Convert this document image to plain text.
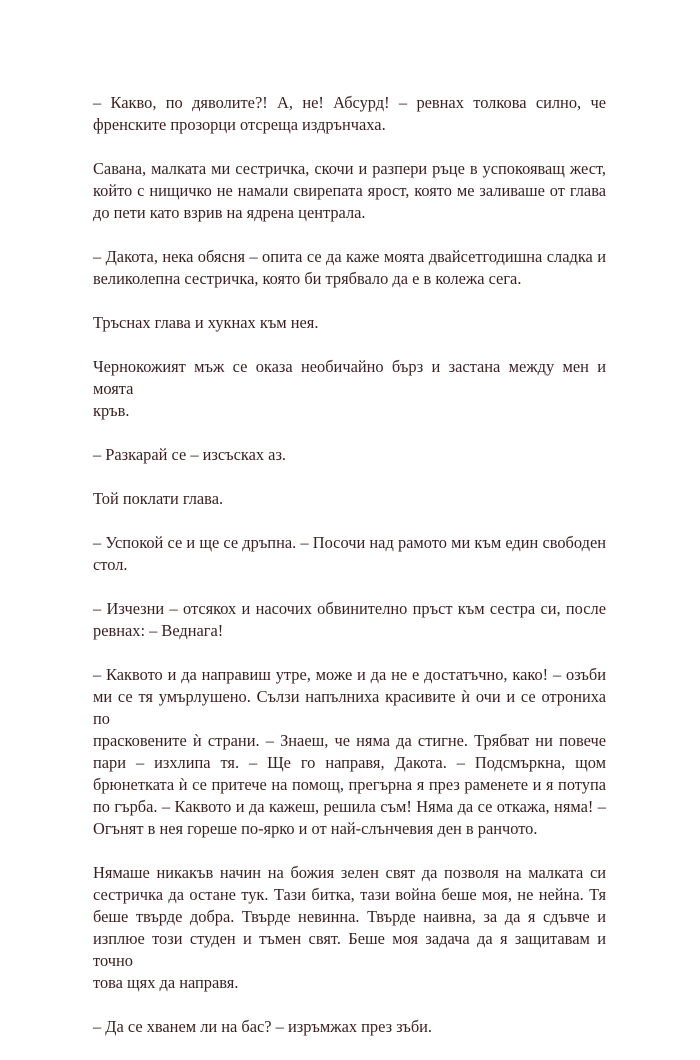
– Какво, по дяволите?! А, не! Абсурд! – ревнах толкова силно, че
френските прозорци отсреща издрънчаха.

Савана, малката ми сестричка, скочи и разпери ръце в успокояващ жест,
който с нищичко не намали свирепата ярост, която ме заливаше от глава
до пети като взрив на ядрена централа.

– Дакота, нека обясня – опита се да каже моята двайсетгодишна сладка и
великолепна сестричка, която би трябвало да е в колежа сега.

Тръснах глава и хукнах към нея.

Чернокожият мъж се оказа необичайно бърз и застана между мен и моята
кръв.

– Разкарай се – изсъсках аз.

Той поклати глава.

– Успокой се и ще се дръпна. – Посочи над рамото ми към един свободен
стол.

– Изчезни – отсякох и насочих обвинително пръст към сестра си, после
ревнах: – Веднага!

– Каквото и да направиш утре, може и да не е достатъчно, како! – озъби
ми се тя умърлушено. Сълзи напълниха красивите ѝ очи и се отрониха по
прасковените ѝ страни. – Знаеш, че няма да стигне. Трябват ни повече
пари – изхлипа тя. – Ще го направя, Дакота. – Подсмъркна, щом
брюнетката ѝ се притече на помощ, прегърна я през раменете и я потупа
по гърба. – Каквото и да кажеш, решила съм! Няма да се откажа, няма! –
Огънят в нея гореше по-ярко и от най-слънчевия ден в ранчото.

Нямаше никакъв начин на божия зелен свят да позволя на малката си
сестричка да остане тук. Тази битка, тази война беше моя, не нейна. Тя
беше твърде добра. Твърде невинна. Твърде наивна, за да я сдъвче и
изплюе този студен и тъмен свят. Беше моя задача да я защитавам и точно
това щях да направя.

– Да се хванем ли на бас? – изръмжах през зъби.
